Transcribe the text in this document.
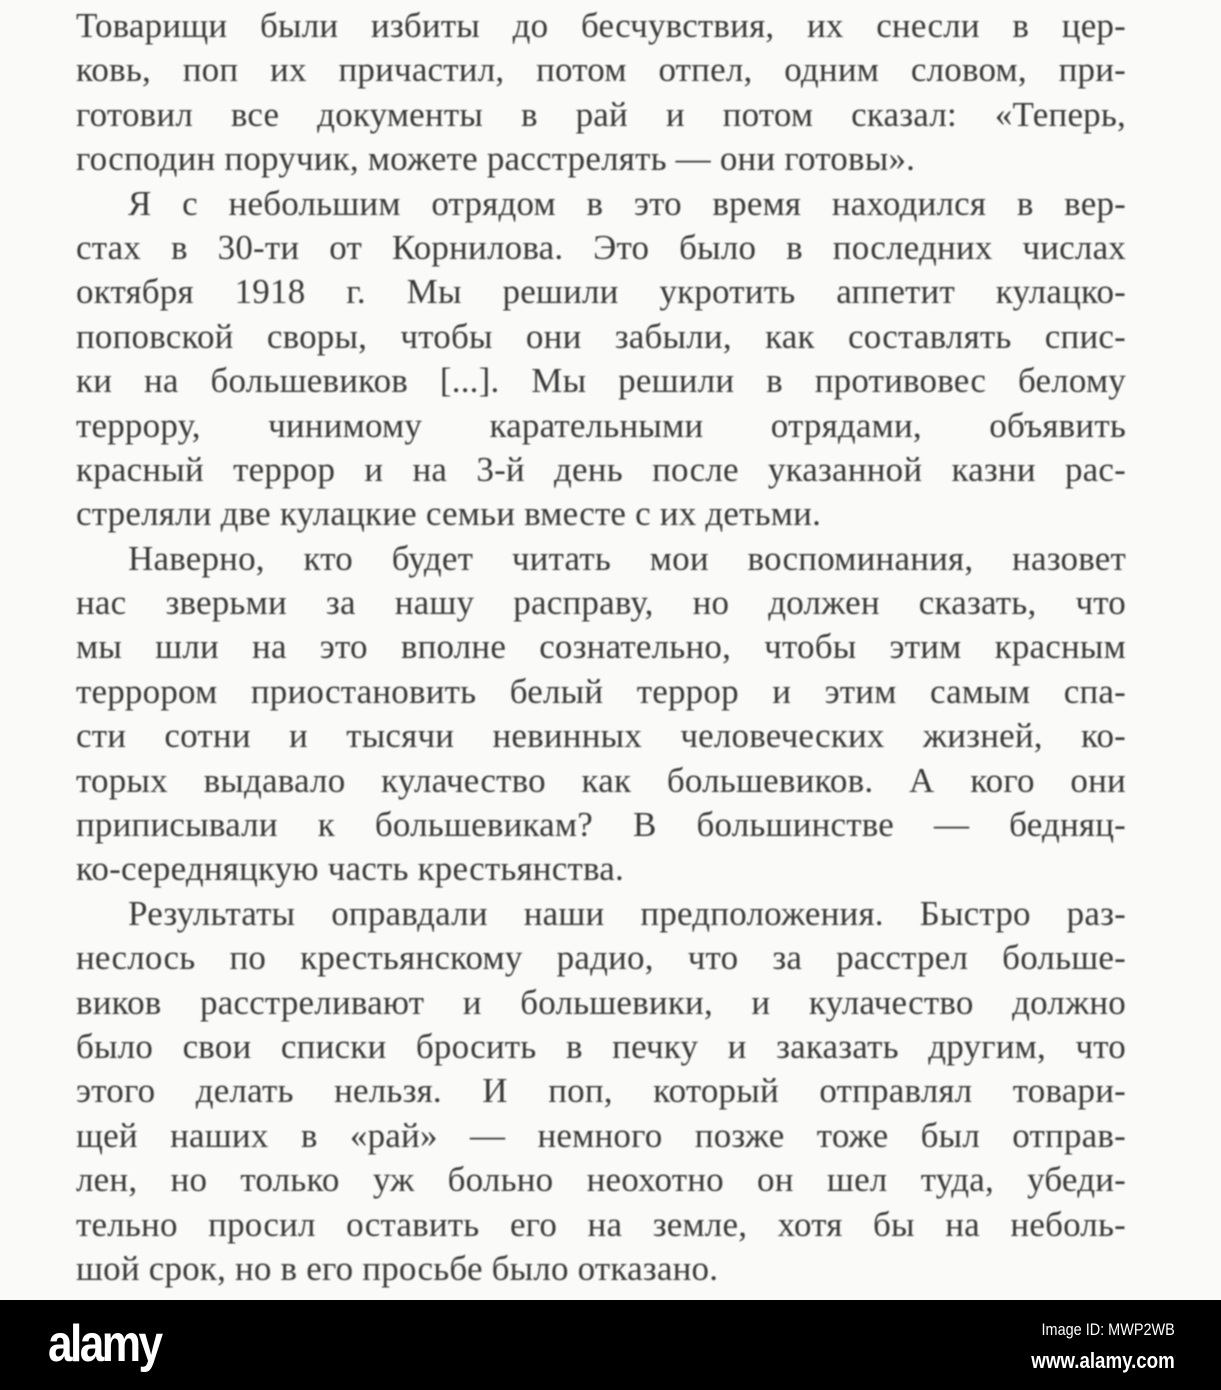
Товарищи были избиты до бесчувствия, их снесли в цер-
ковь, поп их причастил, потом отпел, одним словом, при-
готовил все документы в рай и потом сказал: «Теперь,
господин поручик, можете расстрелять — они готовы».
Я с небольшим отрядом в это время находился в вер-
стах в 30-ти от Корнилова. Это было в последних числах
октября 1918 г. Мы решили укротить аппетит кулацко-
поповской своры, чтобы они забыли, как составлять спис-
ки на большевиков [...]. Мы решили в противовес белому
террору, чинимому карательными отрядами, объявить
красный террор и на 3-й день после указанной казни рас-
стреляли две кулацкие семьи вместе с их детьми.
Наверно, кто будет читать мои воспоминания, назовет
нас зверьми за нашу расправу, но должен сказать, что
мы шли на это вполне сознательно, чтобы этим красным
террором приостановить белый террор и этим самым спа-
сти сотни и тысячи невинных человеческих жизней, ко-
торых выдавало кулачество как большевиков. А кого они
приписывали к большевикам? В большинстве — бедняц-
ко-середняцкую часть крестьянства.
Результаты оправдали наши предположения. Быстро раз-
неслось по крестьянскому радио, что за расстрел больше-
виков расстреливают и большевики, и кулачество должно
было свои списки бросить в печку и заказать другим, что
этого делать нельзя. И поп, который отправлял товари-
щей наших в «рай» — немного позже тоже был отправ-
лен, но только уж больно неохотно он шел туда, убеди-
тельно просил оставить его на земле, хотя бы на неболь-
шой срок, но в его просьбе было отказано.
alamy	Image ID: MWP2WB
www.alamy.com
